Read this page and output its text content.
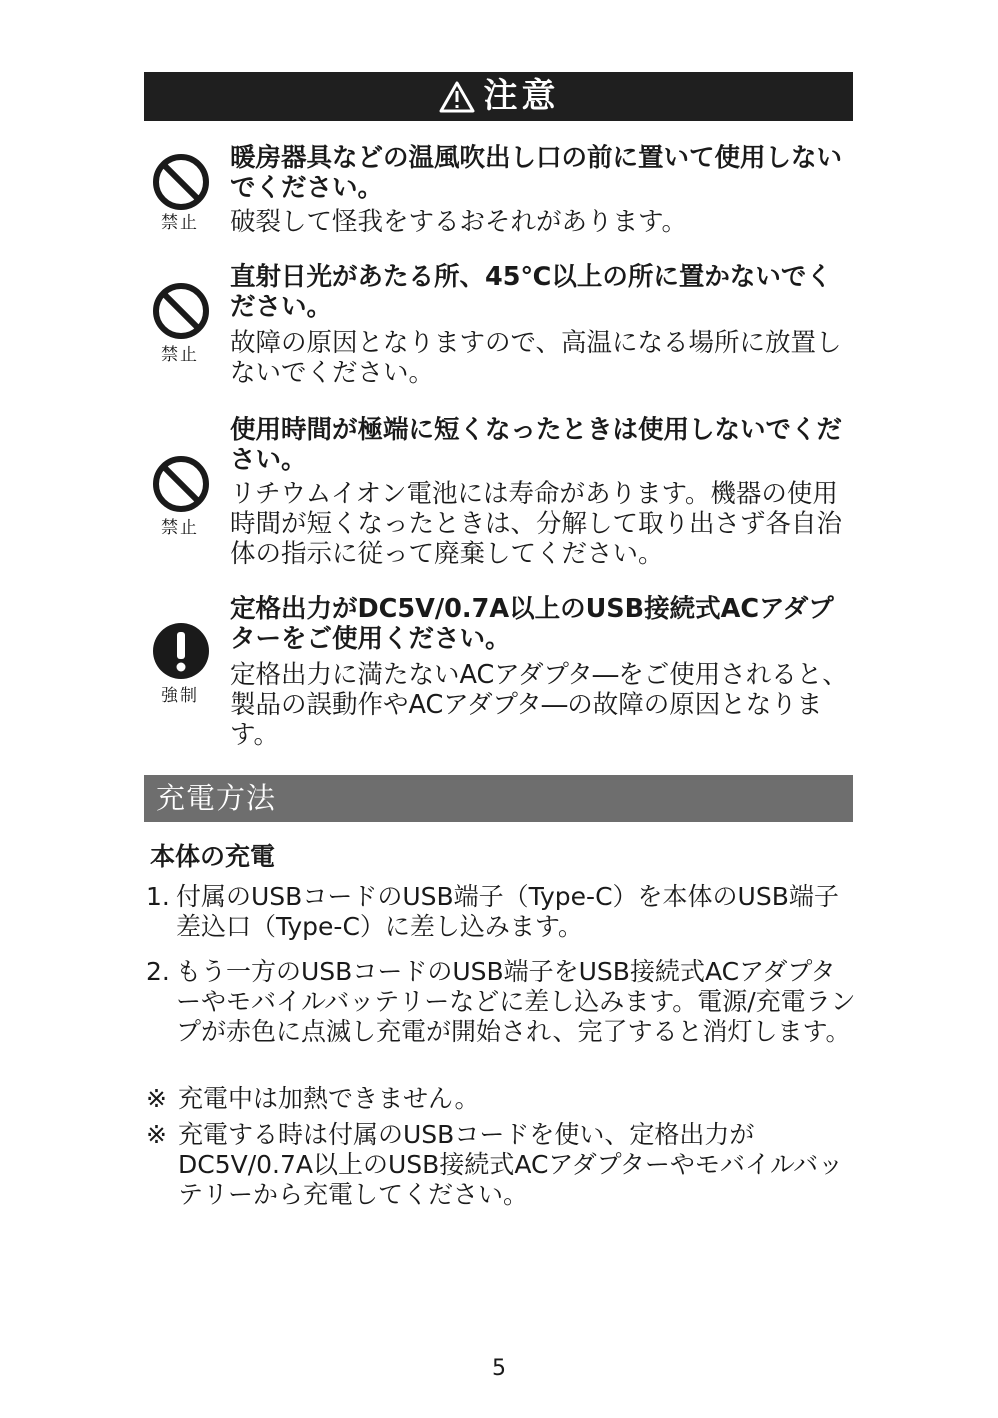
注意
禁止

暖房器具などの温風吹出し口の前に置いて使用しないでください。

破裂して怪我をするおそれがあります。

禁止

直射日光があたる所、45℃以上の所に置かないでください。

故障の原因となりますので、高温になる場所に放置しないでください。

禁止

使用時間が極端に短くなったときは使用しないでください。

リチウムイオン電池には寿命があります。機器の使用時間が短くなったときは、分解して取り出さず各自治体の指示に従って廃棄してください。

強制

定格出力がDC5V/0.7A以上のUSB接続式ACアダプターをご使用ください。

定格出力に満たないACアダプタ―をご使用されると、製品の誤動作やACアダプタ―の故障の原因となります。

充電方法

本体の充電

1. 付属のUSBコードのUSB端子（Type-C）を本体のUSB端子差込口（Type-C）に差し込みます。

2. もう一方のUSBコードのUSB端子をUSB接続式ACアダプターやモバイルバッテリーなどに差し込みます。電源/充電ランプが赤色に点滅し充電が開始され、完了すると消灯します。

※ 充電中は加熱できません。

※ 充電する時は付属のUSBコードを使い、定格出力がDC5V/0.7A以上のUSB接続式ACアダプターやモバイルバッテリーから充電してください。

5
